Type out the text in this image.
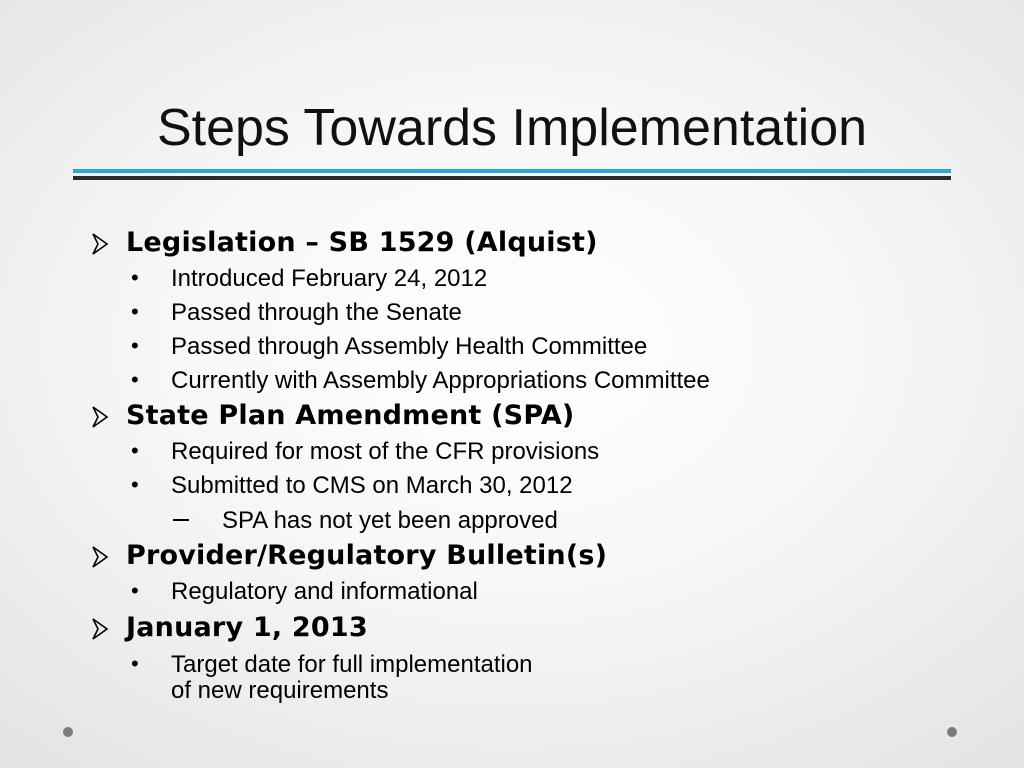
Steps Towards Implementation
Legislation – SB 1529 (Alquist)
• Introduced February 24, 2012
• Passed through the Senate
• Passed through Assembly Health Committee
• Currently with Assembly Appropriations Committee
State Plan Amendment (SPA)
• Required for most of the CFR provisions
• Submitted to CMS on March 30, 2012
SPA has not yet been approved
Provider/Regulatory Bulletin(s)
• Regulatory and informational
January 1, 2013
• Target date for full implementation
of new requirements
